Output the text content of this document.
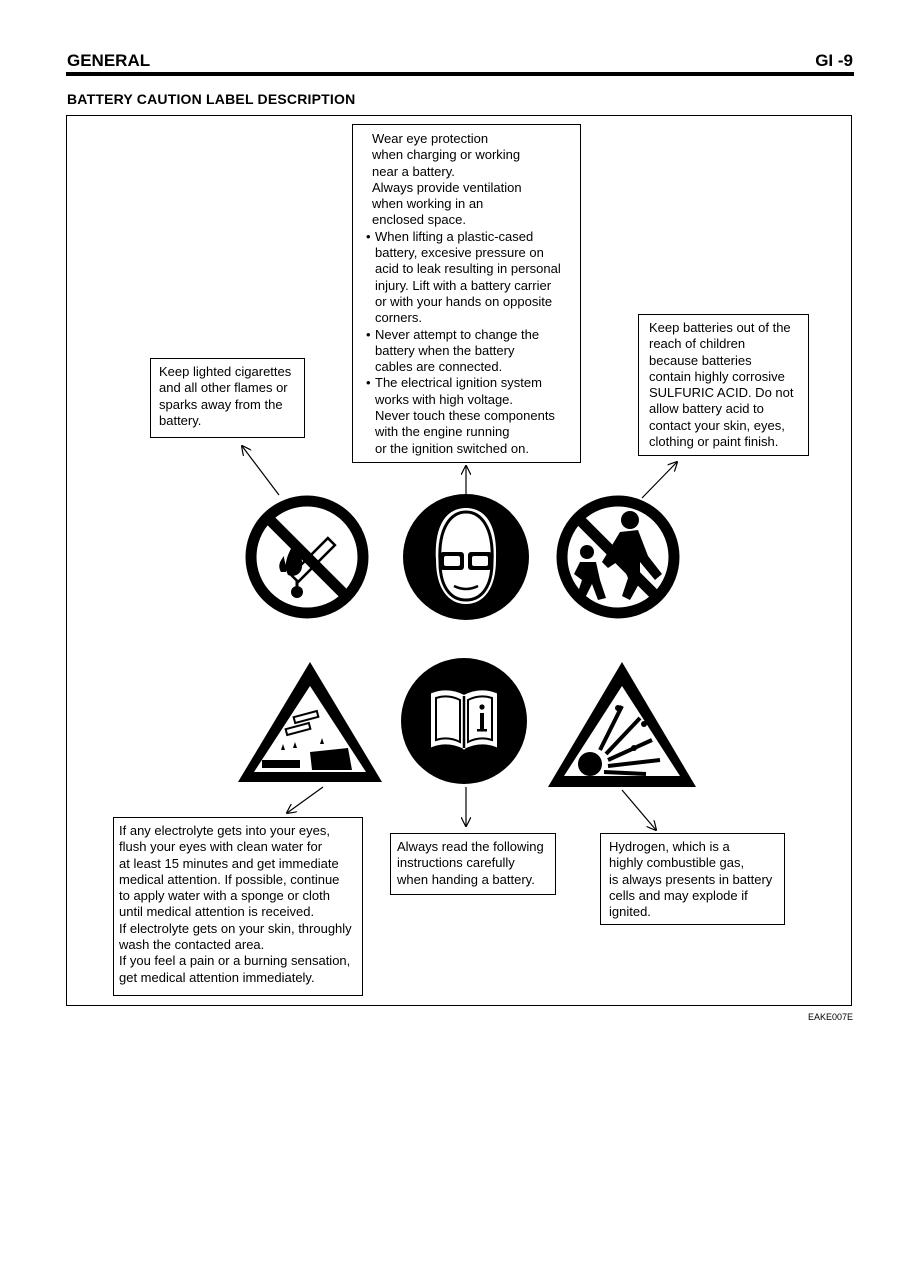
GENERAL	GI -9
BATTERY CAUTION LABEL DESCRIPTION
Wear eye protection
when charging or working
near a battery.
Always provide ventilation
when working in an
enclosed space.
• When lifting a plastic-cased
battery, excesive pressure on
acid to leak resulting in personal
injury. Lift with a battery carrier
or with your hands on opposite
corners.
• Never attempt to change the
battery when the battery
cables are connected.
• The electrical ignition system
works with high voltage.
Never touch these components
with the engine running
or the ignition switched on.
Keep lighted cigarettes
and all other flames or
sparks away from the
battery.
Keep batteries out of the
reach of children
because batteries
contain highly corrosive
SULFURIC ACID. Do not
allow battery acid to
contact your skin, eyes,
clothing or paint finish.
If any electrolyte gets into your eyes,
flush your eyes with clean water for
at least 15 minutes and get immediate
medical attention. If possible, continue
to apply water with a sponge or cloth
until medical attention is received.
If electrolyte gets on your skin, throughly
wash the contacted area.
If you feel a pain or a burning sensation,
get medical attention immediately.
Always read the following
instructions carefully
when handing a battery.
Hydrogen, which is a
highly combustible gas,
is always presents in battery
cells and may explode if
ignited.
EAKE007E
